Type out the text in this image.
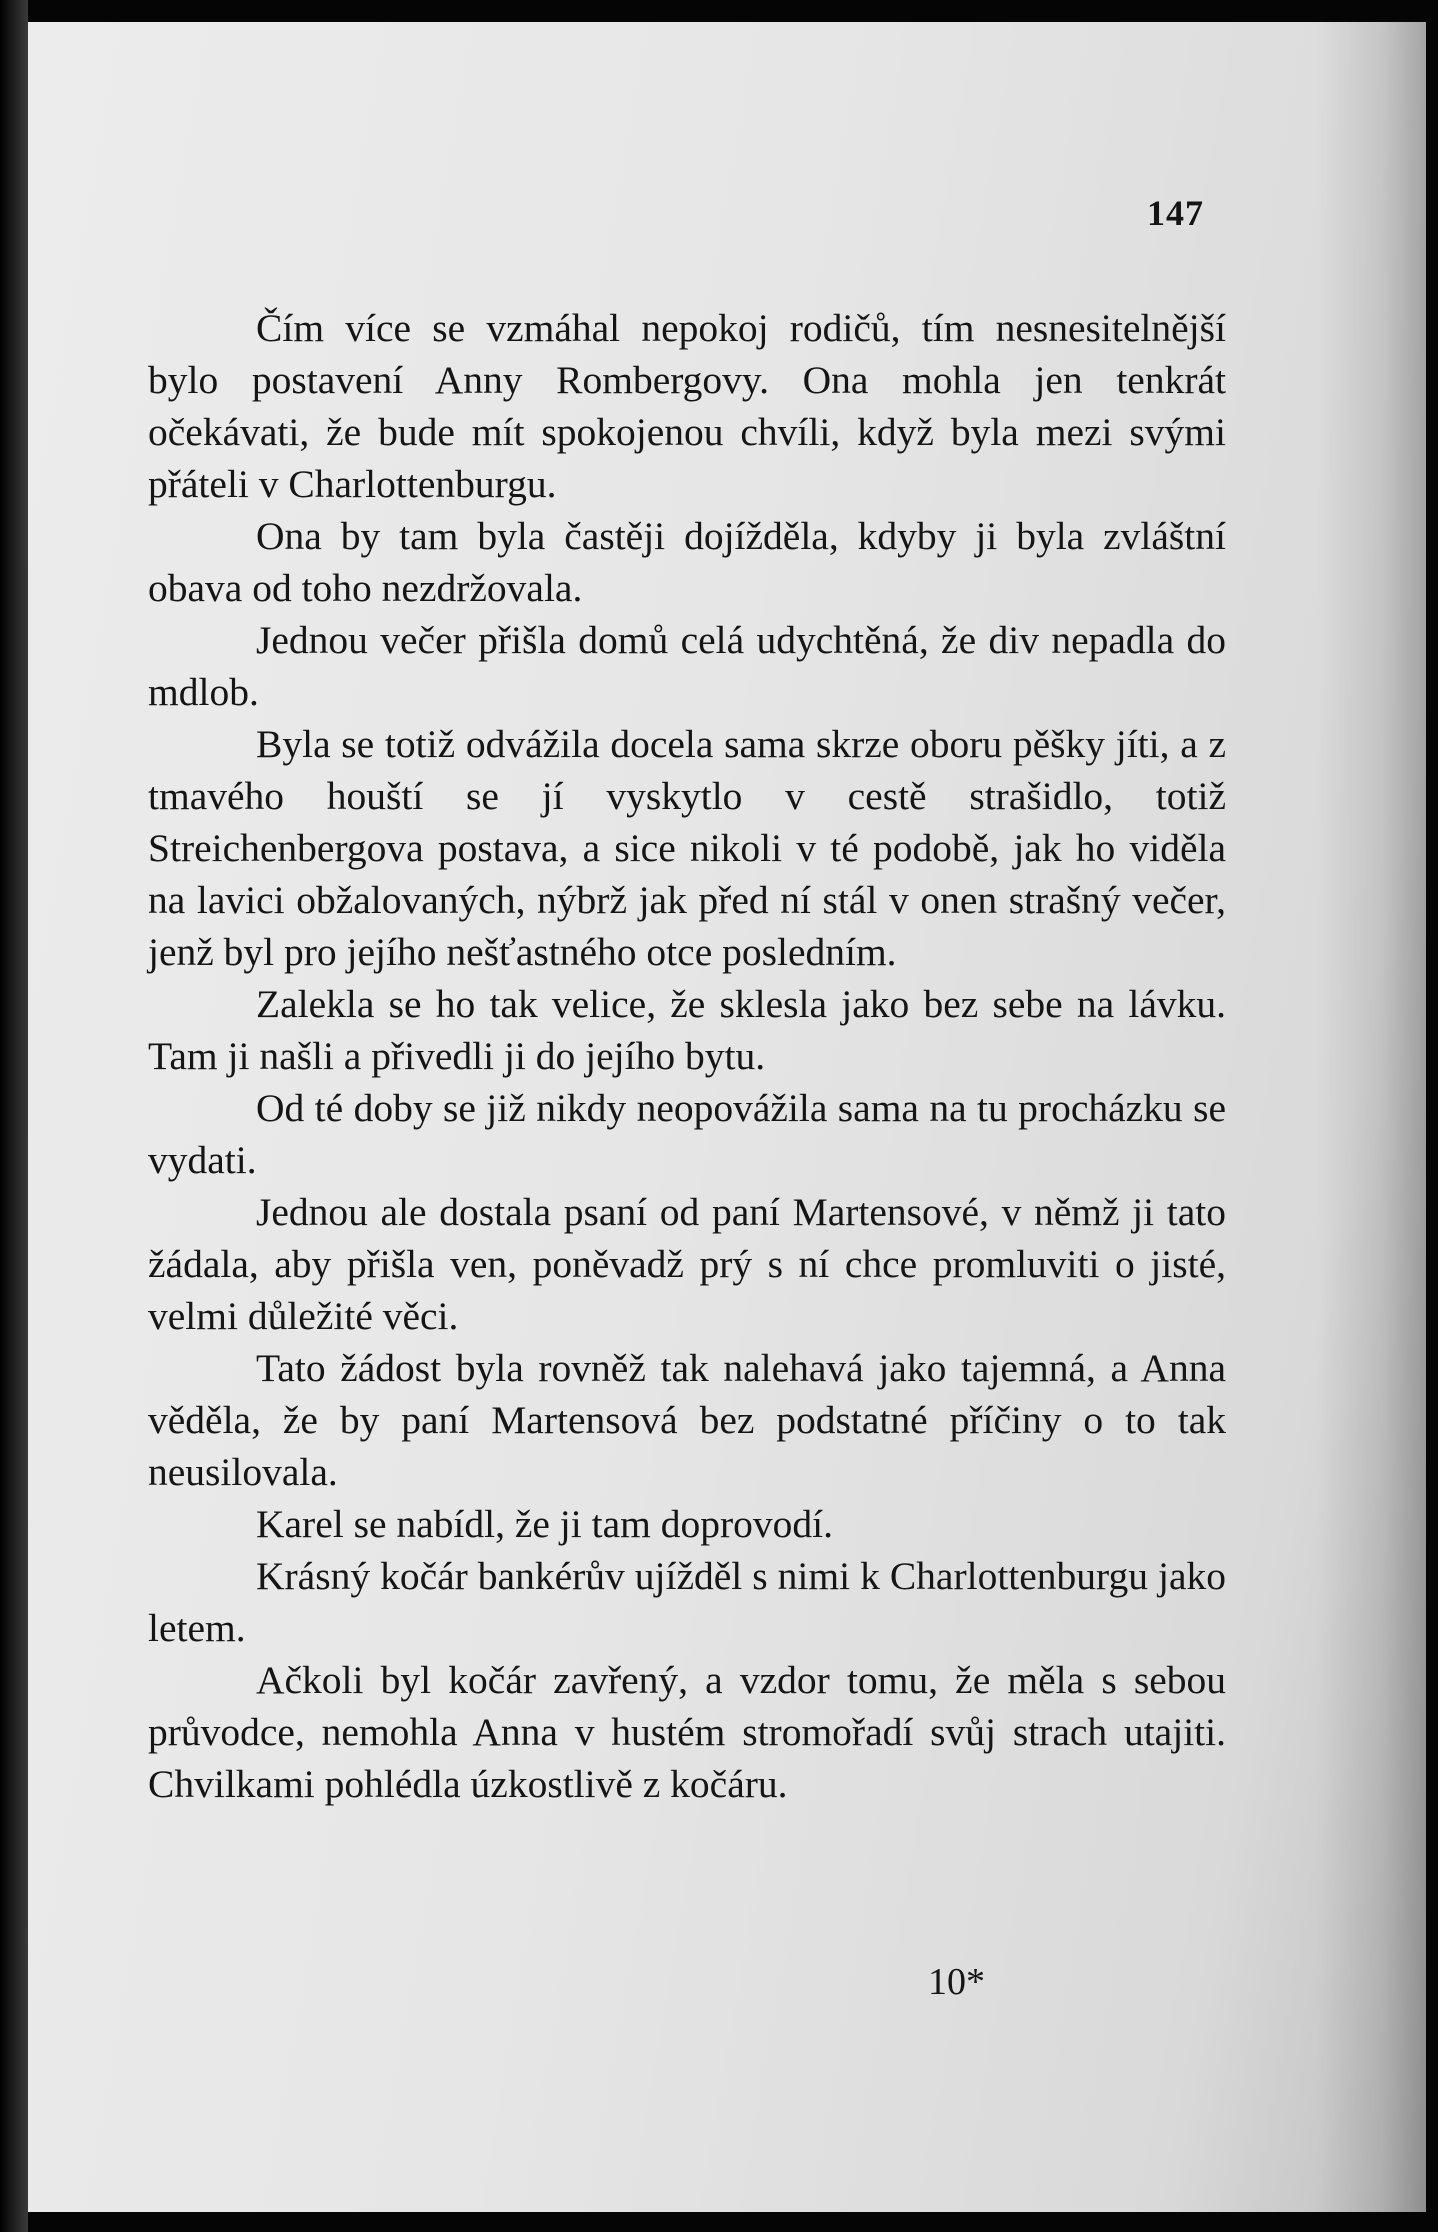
147

Čím více se vzmáhal nepokoj rodičů, tím nesnesitelnější bylo postavení Anny Rombergovy. Ona mohla jen tenkrát očekávati, že bude mít spokojenou chvíli, když byla mezi svými přáteli v Charlottenburgu.

Ona by tam byla častěji dojížděla, kdyby ji byla zvláštní obava od toho nezdržovala.

Jednou večer přišla domů celá udychtěná, že div nepadla do mdlob.

Byla se totiž odvážila docela sama skrze oboru pěšky jíti, a z tmavého houští se jí vyskytlo v cestě strašidlo, totiž Streichenbergova postava, a sice nikoli v té podobě, jak ho viděla na lavici obžalovaných, nýbrž jak před ní stál v onen strašný večer, jenž byl pro jejího nešťastného otce posledním.

Zalekla se ho tak velice, že sklesla jako bez sebe na lávku. Tam ji našli a přivedli ji do jejího bytu.

Od té doby se již nikdy neopovážila sama na tu procházku se vydati.

Jednou ale dostala psaní od paní Martensové, v němž ji tato žádala, aby přišla ven, poněvadž prý s ní chce promluviti o jisté, velmi důležité věci.

Tato žádost byla rovněž tak nalehavá jako tajemná, a Anna věděla, že by paní Martensová bez podstatné příčiny o to tak neusilovala.

Karel se nabídl, že ji tam doprovodí.

Krásný kočár bankérův ujížděl s nimi k Charlottenburgu jako letem.

Ačkoli byl kočár zavřený, a vzdor tomu, že měla s sebou průvodce, nemohla Anna v hustém stromořadí svůj strach utajiti. Chvilkami pohlédla úzkostlivě z kočáru.

10*
